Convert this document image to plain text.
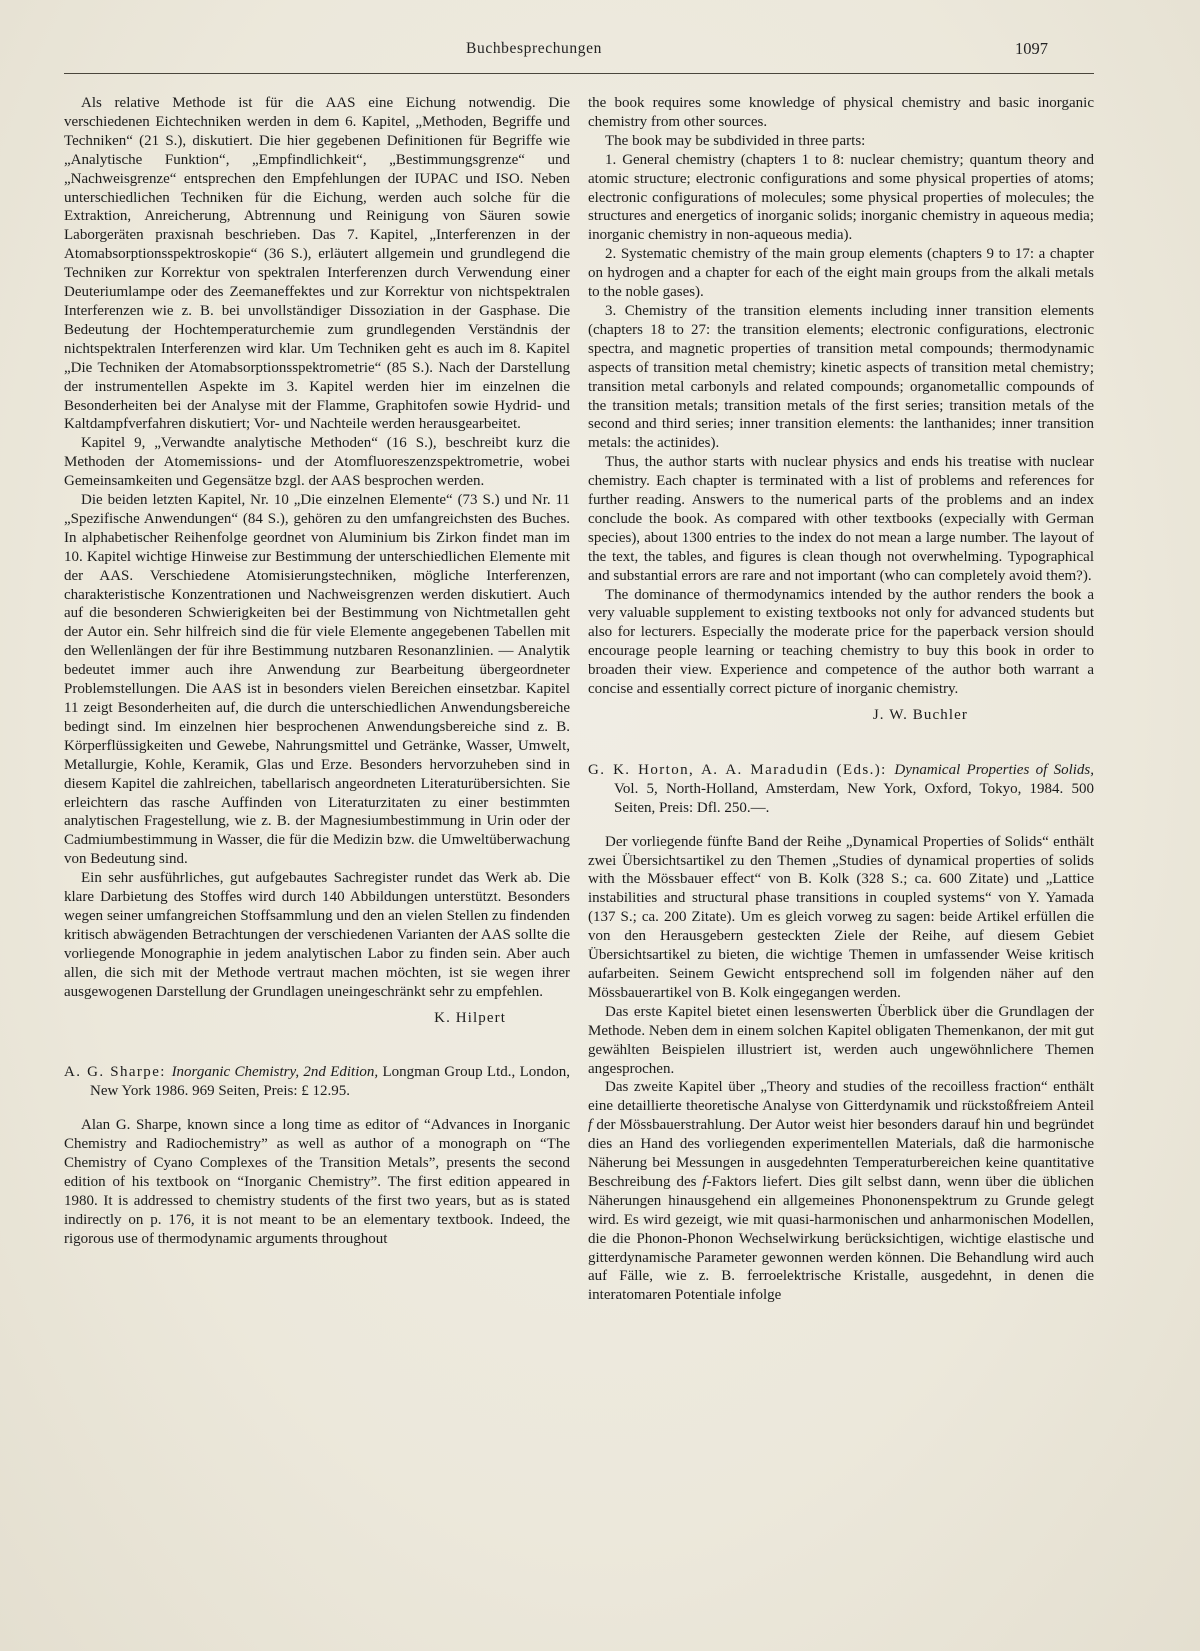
Buchbesprechungen	1097

Als relative Methode ist für die AAS eine Eichung notwendig. Die verschiedenen Eichtechniken werden in dem 6. Kapitel, „Methoden, Begriffe und Techniken“ (21 S.), diskutiert. Die hier gegebenen Definitionen für Begriffe wie „Analytische Funktion“, „Empfindlichkeit“, „Bestimmungsgrenze“ und „Nachweisgrenze“ entsprechen den Empfehlungen der IUPAC und ISO. Neben unterschiedlichen Techniken für die Eichung, werden auch solche für die Extraktion, Anreicherung, Abtrennung und Reinigung von Säuren sowie Laborgeräten praxisnah beschrieben. Das 7. Kapitel, „Interferenzen in der Atomabsorptionsspektroskopie“ (36 S.), erläutert allgemein und grundlegend die Techniken zur Korrektur von spektralen Interferenzen durch Verwendung einer Deuteriumlampe oder des Zeemaneffektes und zur Korrektur von nichtspektralen Interferenzen wie z. B. bei unvollständiger Dissoziation in der Gasphase. Die Bedeutung der Hochtemperaturchemie zum grundlegenden Verständnis der nichtspektralen Interferenzen wird klar. Um Techniken geht es auch im 8. Kapitel „Die Techniken der Atomabsorptionsspektrometrie“ (85 S.). Nach der Darstellung der instrumentellen Aspekte im 3. Kapitel werden hier im einzelnen die Besonderheiten bei der Analyse mit der Flamme, Graphitofen sowie Hydrid- und Kaltdampfverfahren diskutiert; Vor- und Nachteile werden herausgearbeitet.

Kapitel 9, „Verwandte analytische Methoden“ (16 S.), beschreibt kurz die Methoden der Atomemissions- und der Atomfluoreszenzspektrometrie, wobei Gemeinsamkeiten und Gegensätze bzgl. der AAS besprochen werden.

Die beiden letzten Kapitel, Nr. 10 „Die einzelnen Elemente“ (73 S.) und Nr. 11 „Spezifische Anwendungen“ (84 S.), gehören zu den umfangreichsten des Buches. In alphabetischer Reihenfolge geordnet von Aluminium bis Zirkon findet man im 10. Kapitel wichtige Hinweise zur Bestimmung der unterschiedlichen Elemente mit der AAS. Verschiedene Atomisierungstechniken, mögliche Interferenzen, charakteristische Konzentrationen und Nachweisgrenzen werden diskutiert. Auch auf die besonderen Schwierigkeiten bei der Bestimmung von Nichtmetallen geht der Autor ein. Sehr hilfreich sind die für viele Elemente angegebenen Tabellen mit den Wellenlängen der für ihre Bestimmung nutzbaren Resonanzlinien. — Analytik bedeutet immer auch ihre Anwendung zur Bearbeitung übergeordneter Problemstellungen. Die AAS ist in besonders vielen Bereichen einsetzbar. Kapitel 11 zeigt Besonderheiten auf, die durch die unterschiedlichen Anwendungsbereiche bedingt sind. Im einzelnen hier besprochenen Anwendungsbereiche sind z. B. Körperflüssigkeiten und Gewebe, Nahrungsmittel und Getränke, Wasser, Umwelt, Metallurgie, Kohle, Keramik, Glas und Erze. Besonders hervorzuheben sind in diesem Kapitel die zahlreichen, tabellarisch angeordneten Literaturübersichten. Sie erleichtern das rasche Auffinden von Literaturzitaten zu einer bestimmten analytischen Fragestellung, wie z. B. der Magnesiumbestimmung in Urin oder der Cadmiumbestimmung in Wasser, die für die Medizin bzw. die Umweltüberwachung von Bedeutung sind.

Ein sehr ausführliches, gut aufgebautes Sachregister rundet das Werk ab. Die klare Darbietung des Stoffes wird durch 140 Abbildungen unterstützt. Besonders wegen seiner umfangreichen Stoffsammlung und den an vielen Stellen zu findenden kritisch abwägenden Betrachtungen der verschiedenen Varianten der AAS sollte die vorliegende Monographie in jedem analytischen Labor zu finden sein. Aber auch allen, die sich mit der Methode vertraut machen möchten, ist sie wegen ihrer ausgewogenen Darstellung der Grundlagen uneingeschränkt sehr zu empfehlen.

K. Hilpert

A. G. Sharpe: Inorganic Chemistry, 2nd Edition, Longman Group Ltd., London, New York 1986. 969 Seiten, Preis: £ 12.95.

Alan G. Sharpe, known since a long time as editor of “Advances in Inorganic Chemistry and Radiochemistry” as well as author of a monograph on “The Chemistry of Cyano Complexes of the Transition Metals”, presents the second edition of his textbook on “Inorganic Chemistry”. The first edition appeared in 1980. It is addressed to chemistry students of the first two years, but as is stated indirectly on p. 176, it is not meant to be an elementary textbook. Indeed, the rigorous use of thermodynamic arguments throughout

the book requires some knowledge of physical chemistry and basic inorganic chemistry from other sources.

The book may be subdivided in three parts:

1. General chemistry (chapters 1 to 8: nuclear chemistry; quantum theory and atomic structure; electronic configurations and some physical properties of atoms; electronic configurations of molecules; some physical properties of molecules; the structures and energetics of inorganic solids; inorganic chemistry in aqueous media; inorganic chemistry in non-aqueous media).

2. Systematic chemistry of the main group elements (chapters 9 to 17: a chapter on hydrogen and a chapter for each of the eight main groups from the alkali metals to the noble gases).

3. Chemistry of the transition elements including inner transition elements (chapters 18 to 27: the transition elements; electronic configurations, electronic spectra, and magnetic properties of transition metal compounds; thermodynamic aspects of transition metal chemistry; kinetic aspects of transition metal chemistry; transition metal carbonyls and related compounds; organometallic compounds of the transition metals; transition metals of the first series; transition metals of the second and third series; inner transition elements: the lanthanides; inner transition metals: the actinides).

Thus, the author starts with nuclear physics and ends his treatise with nuclear chemistry. Each chapter is terminated with a list of problems and references for further reading. Answers to the numerical parts of the problems and an index conclude the book. As compared with other textbooks (expecially with German species), about 1300 entries to the index do not mean a large number. The layout of the text, the tables, and figures is clean though not overwhelming. Typographical and substantial errors are rare and not important (who can completely avoid them?).

The dominance of thermodynamics intended by the author renders the book a very valuable supplement to existing textbooks not only for advanced students but also for lecturers. Especially the moderate price for the paperback version should encourage people learning or teaching chemistry to buy this book in order to broaden their view. Experience and competence of the author both warrant a concise and essentially correct picture of inorganic chemistry.

J. W. Buchler

G. K. Horton, A. A. Maradudin (Eds.): Dynamical Properties of Solids, Vol. 5, North-Holland, Amsterdam, New York, Oxford, Tokyo, 1984. 500 Seiten, Preis: Dfl. 250.—.

Der vorliegende fünfte Band der Reihe „Dynamical Properties of Solids“ enthält zwei Übersichtsartikel zu den Themen „Studies of dynamical properties of solids with the Mössbauer effect“ von B. Kolk (328 S.; ca. 600 Zitate) und „Lattice instabilities and structural phase transitions in coupled systems“ von Y. Yamada (137 S.; ca. 200 Zitate). Um es gleich vorweg zu sagen: beide Artikel erfüllen die von den Herausgebern gesteckten Ziele der Reihe, auf diesem Gebiet Übersichtsartikel zu bieten, die wichtige Themen in umfassender Weise kritisch aufarbeiten. Seinem Gewicht entsprechend soll im folgenden näher auf den Mössbauerartikel von B. Kolk eingegangen werden.

Das erste Kapitel bietet einen lesenswerten Überblick über die Grundlagen der Methode. Neben dem in einem solchen Kapitel obligaten Themenkanon, der mit gut gewählten Beispielen illustriert ist, werden auch ungewöhnlichere Themen angesprochen.

Das zweite Kapitel über „Theory and studies of the recoilless fraction“ enthält eine detaillierte theoretische Analyse von Gitterdynamik und rückstoßfreiem Anteil f der Mössbauerstrahlung. Der Autor weist hier besonders darauf hin und begründet dies an Hand des vorliegenden experimentellen Materials, daß die harmonische Näherung bei Messungen in ausgedehnten Temperaturbereichen keine quantitative Beschreibung des f-Faktors liefert. Dies gilt selbst dann, wenn über die üblichen Näherungen hinausgehend ein allgemeines Phononenspektrum zu Grunde gelegt wird. Es wird gezeigt, wie mit quasi-harmonischen und anharmonischen Modellen, die die Phonon-Phonon Wechselwirkung berücksichtigen, wichtige elastische und gitterdynamische Parameter gewonnen werden können. Die Behandlung wird auch auf Fälle, wie z. B. ferroelektrische Kristalle, ausgedehnt, in denen die interatomaren Potentiale infolge
